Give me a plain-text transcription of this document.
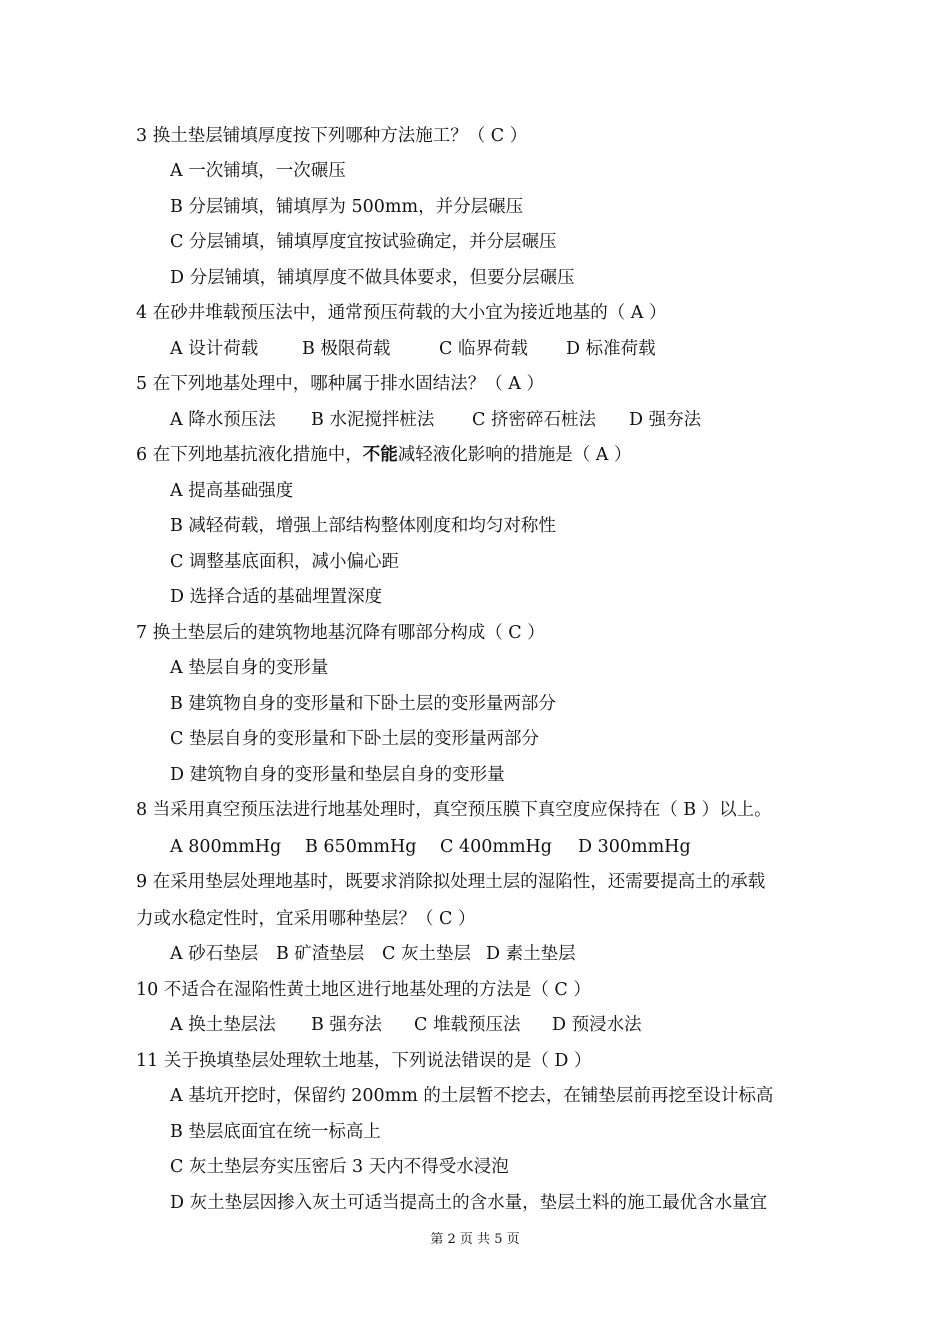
3 换土垫层铺填厚度按下列哪种方法施工？（ C ）
A 一次铺填，一次碾压
B 分层铺填，铺填厚为 500mm，并分层碾压
C 分层铺填，铺填厚度宜按试验确定，并分层碾压
D 分层铺填，铺填厚度不做具体要求，但要分层碾压
4 在砂井堆载预压法中，通常预压荷载的大小宜为接近地基的（ A ）
A 设计荷载	B 极限荷载	C 临界荷载 D 标准荷载
5 在下列地基处理中，哪种属于排水固结法？（ A ）
A 降水预压法 B 水泥搅拌桩法 C 挤密碎石桩法 D 强夯法
6 在下列地基抗液化措施中，不能减轻液化影响的措施是（ A ）
A 提高基础强度
B 减轻荷载，增强上部结构整体刚度和均匀对称性
C 调整基底面积，减小偏心距
D 选择合适的基础埋置深度
7 换土垫层后的建筑物地基沉降有哪部分构成（ C ）
A 垫层自身的变形量
B 建筑物自身的变形量和下卧土层的变形量两部分
C 垫层自身的变形量和下卧土层的变形量两部分
D 建筑物自身的变形量和垫层自身的变形量
8 当采用真空预压法进行地基处理时，真空预压膜下真空度应保持在（ B ）以上。
A 800mmHg B 650mmHg C 400mmHg D 300mmHg
9 在采用垫层处理地基时，既要求消除拟处理土层的湿陷性，还需要提高土的承载
力或水稳定性时，宜采用哪种垫层？（ C ）
A 砂石垫层 B 矿渣垫层 C 灰土垫层 D 素土垫层
10 不适合在湿陷性黄土地区进行地基处理的方法是（ C ）
A 换土垫层法 B 强夯法 C 堆载预压法 D 预浸水法
11 关于换填垫层处理软土地基，下列说法错误的是（ D ）
A 基坑开挖时，保留约 200mm 的土层暂不挖去，在铺垫层前再挖至设计标高
B 垫层底面宜在统一标高上
C 灰土垫层夯实压密后 3 天内不得受水浸泡
D 灰土垫层因掺入灰土可适当提高土的含水量，垫层土料的施工最优含水量宜
第 2 页 共 5 页
